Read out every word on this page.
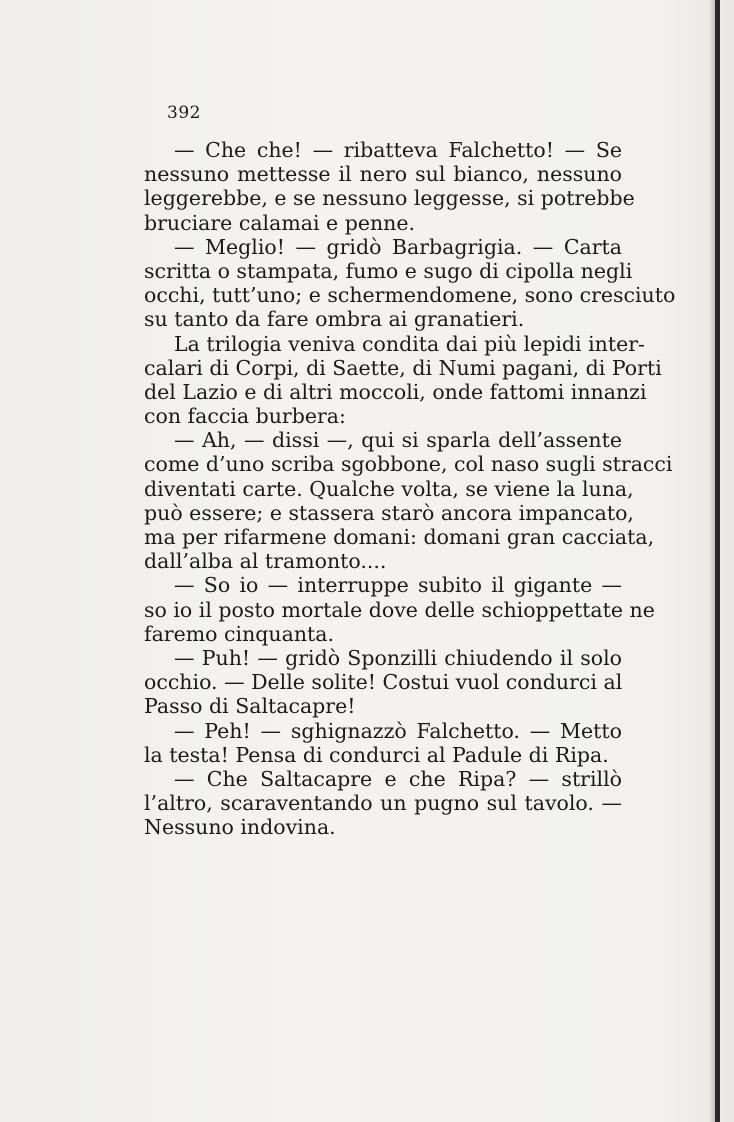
392
— Che che! — ribatteva Falchetto! — Se
nessuno mettesse il nero sul bianco, nessuno
leggerebbe, e se nessuno leggesse, si potrebbe
bruciare calamai e penne.
— Meglio! — gridò Barbagrigia. — Carta
scritta o stampata, fumo e sugo di cipolla negli
occhi, tutt’uno; e schermendomene, sono cresciuto
su tanto da fare ombra ai granatieri.
La trilogia veniva condita dai più lepidi inter-
calari di Corpi, di Saette, di Numi pagani, di Porti
del Lazio e di altri moccoli, onde fattomi innanzi
con faccia burbera:
— Ah, — dissi —, qui si sparla dell’assente
come d’uno scriba sgobbone, col naso sugli stracci
diventati carte. Qualche volta, se viene la luna,
può essere; e stassera starò ancora impancato,
ma per rifarmene domani: domani gran cacciata,
dall’alba al tramonto....
— So io — interruppe subito il gigante —
so io il posto mortale dove delle schioppettate ne
faremo cinquanta.
— Puh! — gridò Sponzilli chiudendo il solo
occhio. — Delle solite! Costui vuol condurci al
Passo di Saltacapre!
— Peh! — sghignazzò Falchetto. — Metto
la testa! Pensa di condurci al Padule di Ripa.
— Che Saltacapre e che Ripa? — strillò
l’altro, scaraventando un pugno sul tavolo. —
Nessuno indovina.
